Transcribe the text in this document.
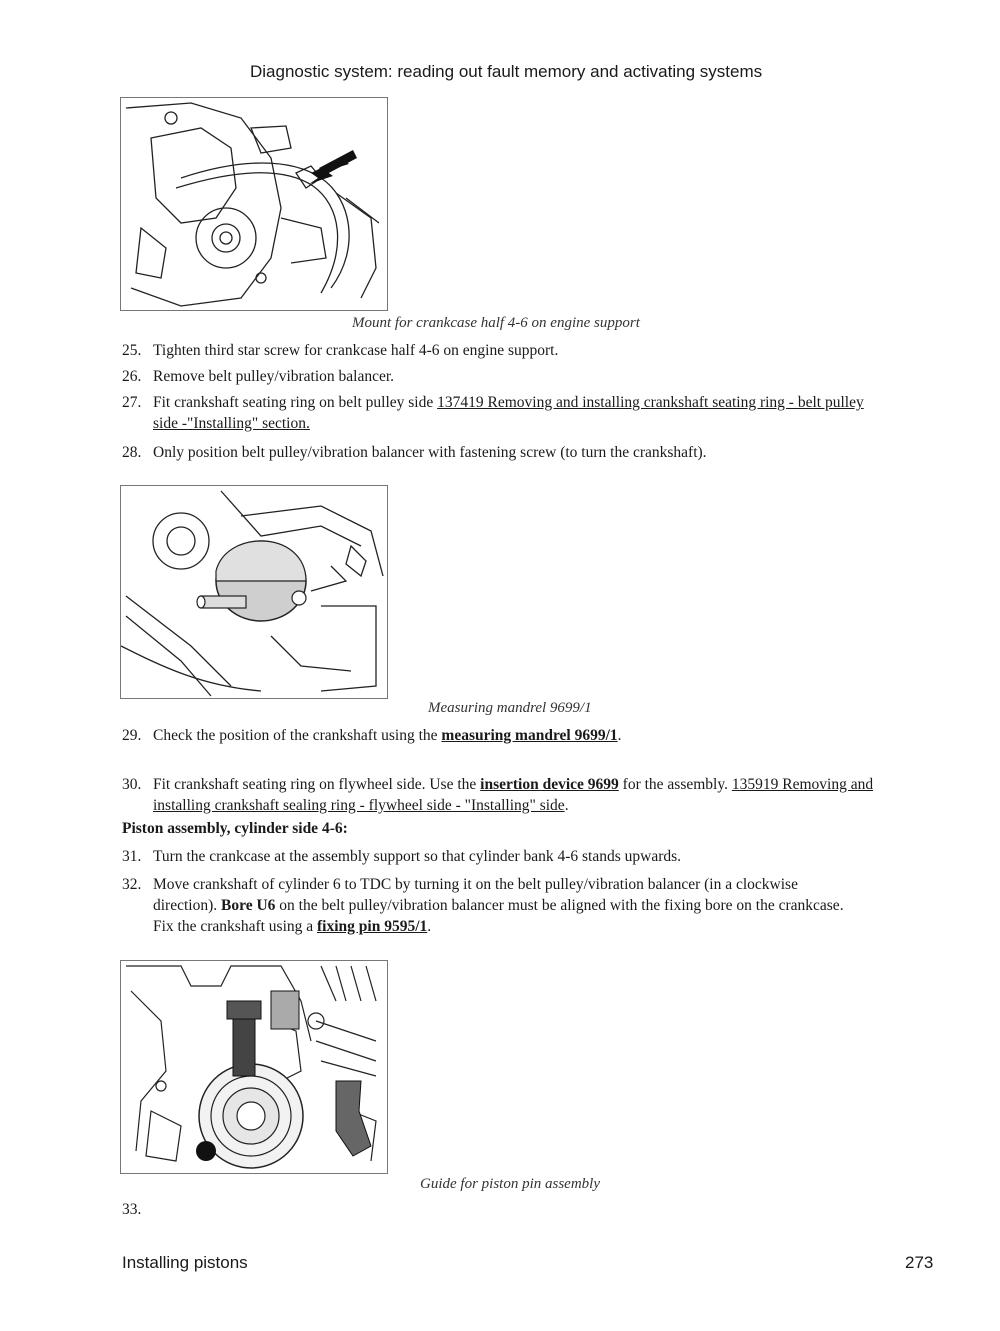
Diagnostic system: reading out fault memory and activating systems
Mount for crankcase half 4-6 on engine support
25. Tighten third star screw for crankcase half 4-6 on engine support.
26. Remove belt pulley/vibration balancer.
27. Fit crankshaft seating ring on belt pulley side 137419 Removing and installing crankshaft seating ring - belt pulley side -"Installing" section.
28. Only position belt pulley/vibration balancer with fastening screw (to turn the crankshaft).
Measuring mandrel 9699/1
29. Check the position of the crankshaft using the measuring mandrel 9699/1.
30. Fit crankshaft seating ring on flywheel side. Use the insertion device 9699 for the assembly. 135919 Removing and installing crankshaft sealing ring - flywheel side - "Installing" side.
Piston assembly, cylinder side 4-6:
31. Turn the crankcase at the assembly support so that cylinder bank 4-6 stands upwards.
32. Move crankshaft of cylinder 6 to TDC by turning it on the belt pulley/vibration balancer (in a clockwise direction). Bore U6 on the belt pulley/vibration balancer must be aligned with the fixing bore on the crankcase. Fix the crankshaft using a fixing pin 9595/1.
Guide for piston pin assembly
33.
Installing pistons	273
